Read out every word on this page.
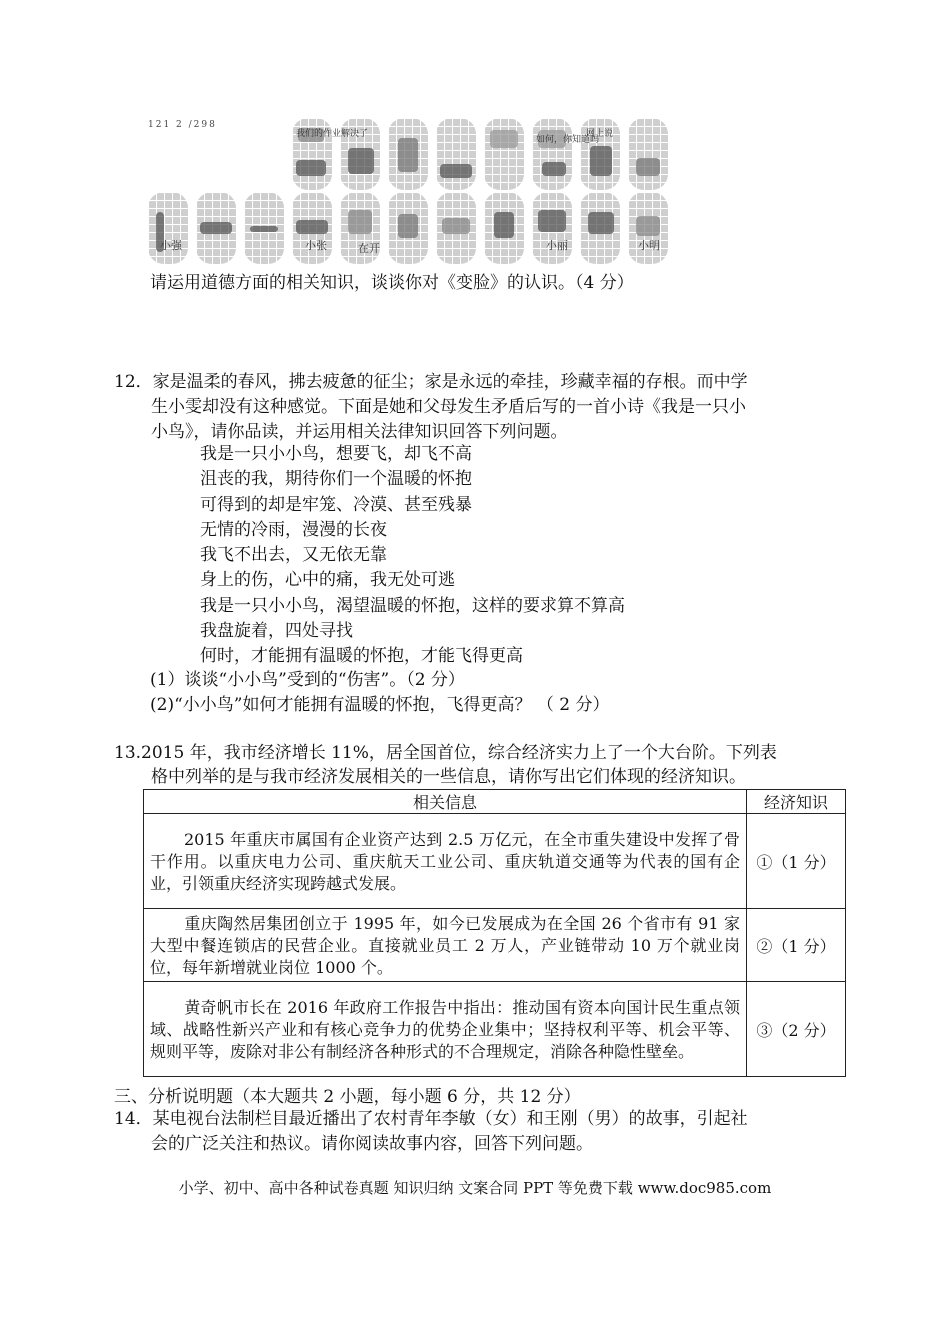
121 2 /298
我们的作业解决了
如何，你知道吗
网上说
小强	小张	在开	小丽	小明
请运用道德方面的相关知识，谈谈你对《变脸》的认识。（4 分）

12．家是温柔的春风，拂去疲惫的征尘；家是永远的牵挂，珍藏幸福的存根。而中学

生小雯却没有这种感觉。下面是她和父母发生矛盾后写的一首小诗《我是一只小

小鸟》，请你品读，并运用相关法律知识回答下列问题。

我是一只小小鸟，想要飞，却飞不高

沮丧的我，期待你们一个温暖的怀抱

可得到的却是牢笼、冷漠、甚至残暴

无情的冷雨，漫漫的长夜

我飞不出去，又无依无靠

身上的伤，心中的痛，我无处可逃

我是一只小小鸟，渴望温暖的怀抱，这样的要求算不算高

我盘旋着，四处寻找

何时，才能拥有温暖的怀抱，才能飞得更高

(1）谈谈“小小鸟”受到的“伤害”。（2 分）
(2)“小小鸟”如何才能拥有温暖的怀抱，飞得更高？ （ 2 分）

13.2015 年，我市经济增长 11%，居全国首位，综合经济实力上了一个大台阶。下列表

格中列举的是与我市经济发展相关的一些信息，请你写出它们体现的经济知识。

相关信息	经济知识
2015 年重庆市属国有企业资产达到 2.5 万亿元，在全市重失建设中发挥了骨干作用。以重庆电力公司、重庆航天工业公司、重庆轨道交通等为代表的国有企业，引领重庆经济实现跨越式发展。	①（1 分）
重庆陶然居集团创立于 1995 年，如今已发展成为在全国 26 个省市有 91 家大型中餐连锁店的民营企业。直接就业员工 2 万人，产业链带动 10 万个就业岗位，每年新增就业岗位 1000 个。	②（1 分）
黄奇帆市长在 2016 年政府工作报告中指出：推动国有资本向国计民生重点领域、战略性新兴产业和有核心竞争力的优势企业集中；坚持权利平等、机会平等、规则平等，废除对非公有制经济各种形式的不合理规定，消除各种隐性壁垒。	③（2 分）
三、分析说明题（本大题共 2 小题，每小题 6 分，共 12 分）

14．某电视台法制栏目最近播出了农村青年李敏（女）和王刚（男）的故事，引起社

会的广泛关注和热议。请你阅读故事内容，回答下列问题。

小学、初中、高中各种试卷真题 知识归纳 文案合同 PPT 等免费下载 www.doc985.com
